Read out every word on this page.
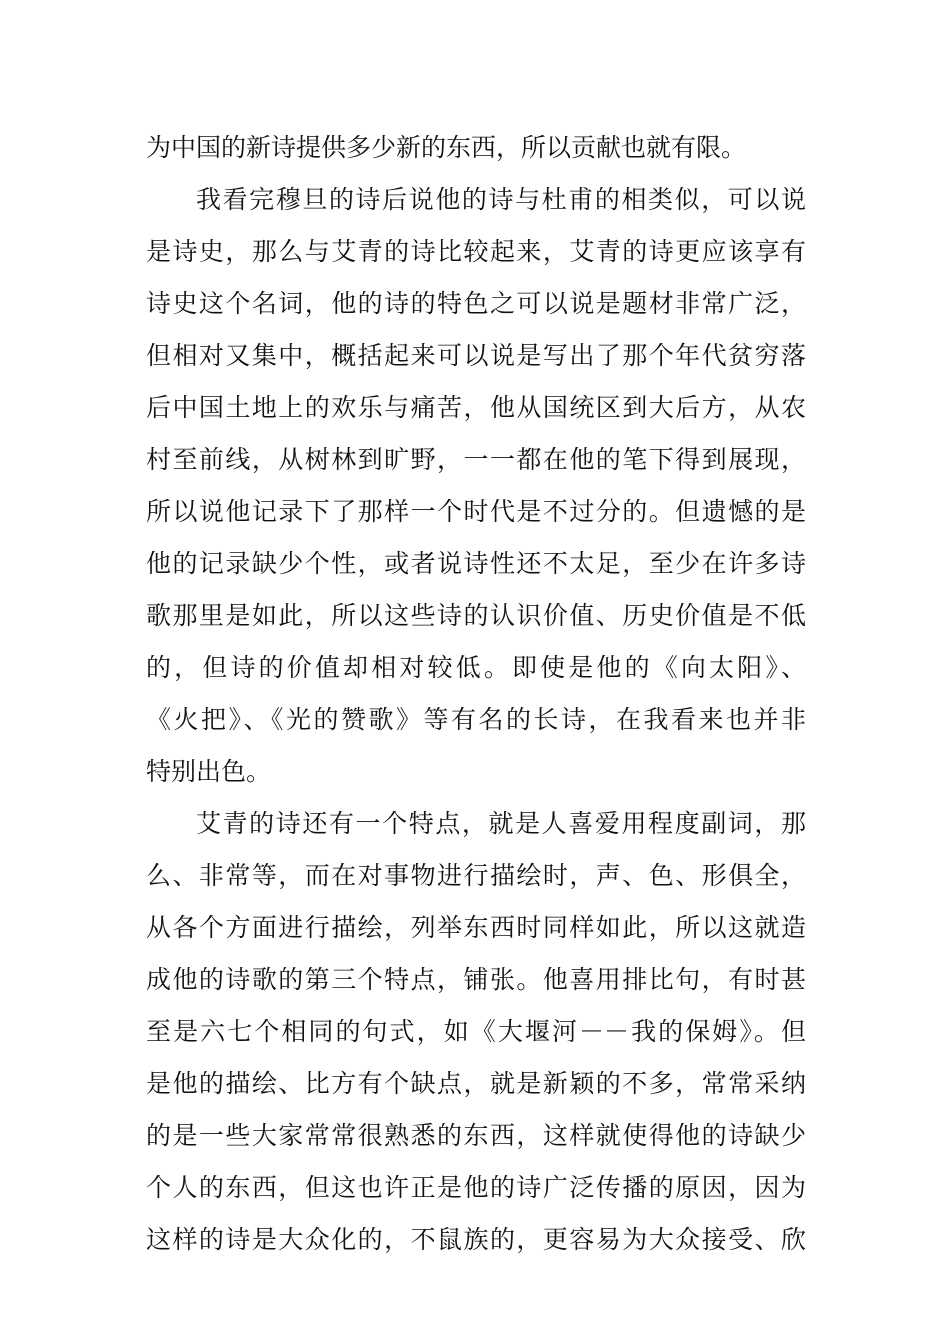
为中国的新诗提供多少新的东西，所以贡献也就有限。
我看完穆旦的诗后说他的诗与杜甫的相类似，可以说
是诗史，那么与艾青的诗比较起来，艾青的诗更应该享有
诗史这个名词，他的诗的特色之可以说是题材非常广泛，
但相对又集中，概括起来可以说是写出了那个年代贫穷落
后中国土地上的欢乐与痛苦，他从国统区到大后方，从农
村至前线，从树林到旷野，一一都在他的笔下得到展现，
所以说他记录下了那样一个时代是不过分的。但遗憾的是
他的记录缺少个性，或者说诗性还不太足，至少在许多诗
歌那里是如此，所以这些诗的认识价值、历史价值是不低
的，但诗的价值却相对较低。即使是他的《向太阳》、
《火把》、《光的赞歌》等有名的长诗，在我看来也并非
特别出色。
艾青的诗还有一个特点，就是人喜爱用程度副词，那
么、非常等，而在对事物进行描绘时，声、色、形俱全，
从各个方面进行描绘，列举东西时同样如此，所以这就造
成他的诗歌的第三个特点，铺张。他喜用排比句，有时甚
至是六七个相同的句式，如《大堰河－－我的保姆》。但
是他的描绘、比方有个缺点，就是新颖的不多，常常采纳
的是一些大家常常很熟悉的东西，这样就使得他的诗缺少
个人的东西，但这也许正是他的诗广泛传播的原因，因为
这样的诗是大众化的，不鼠族的，更容易为大众接受、欣
